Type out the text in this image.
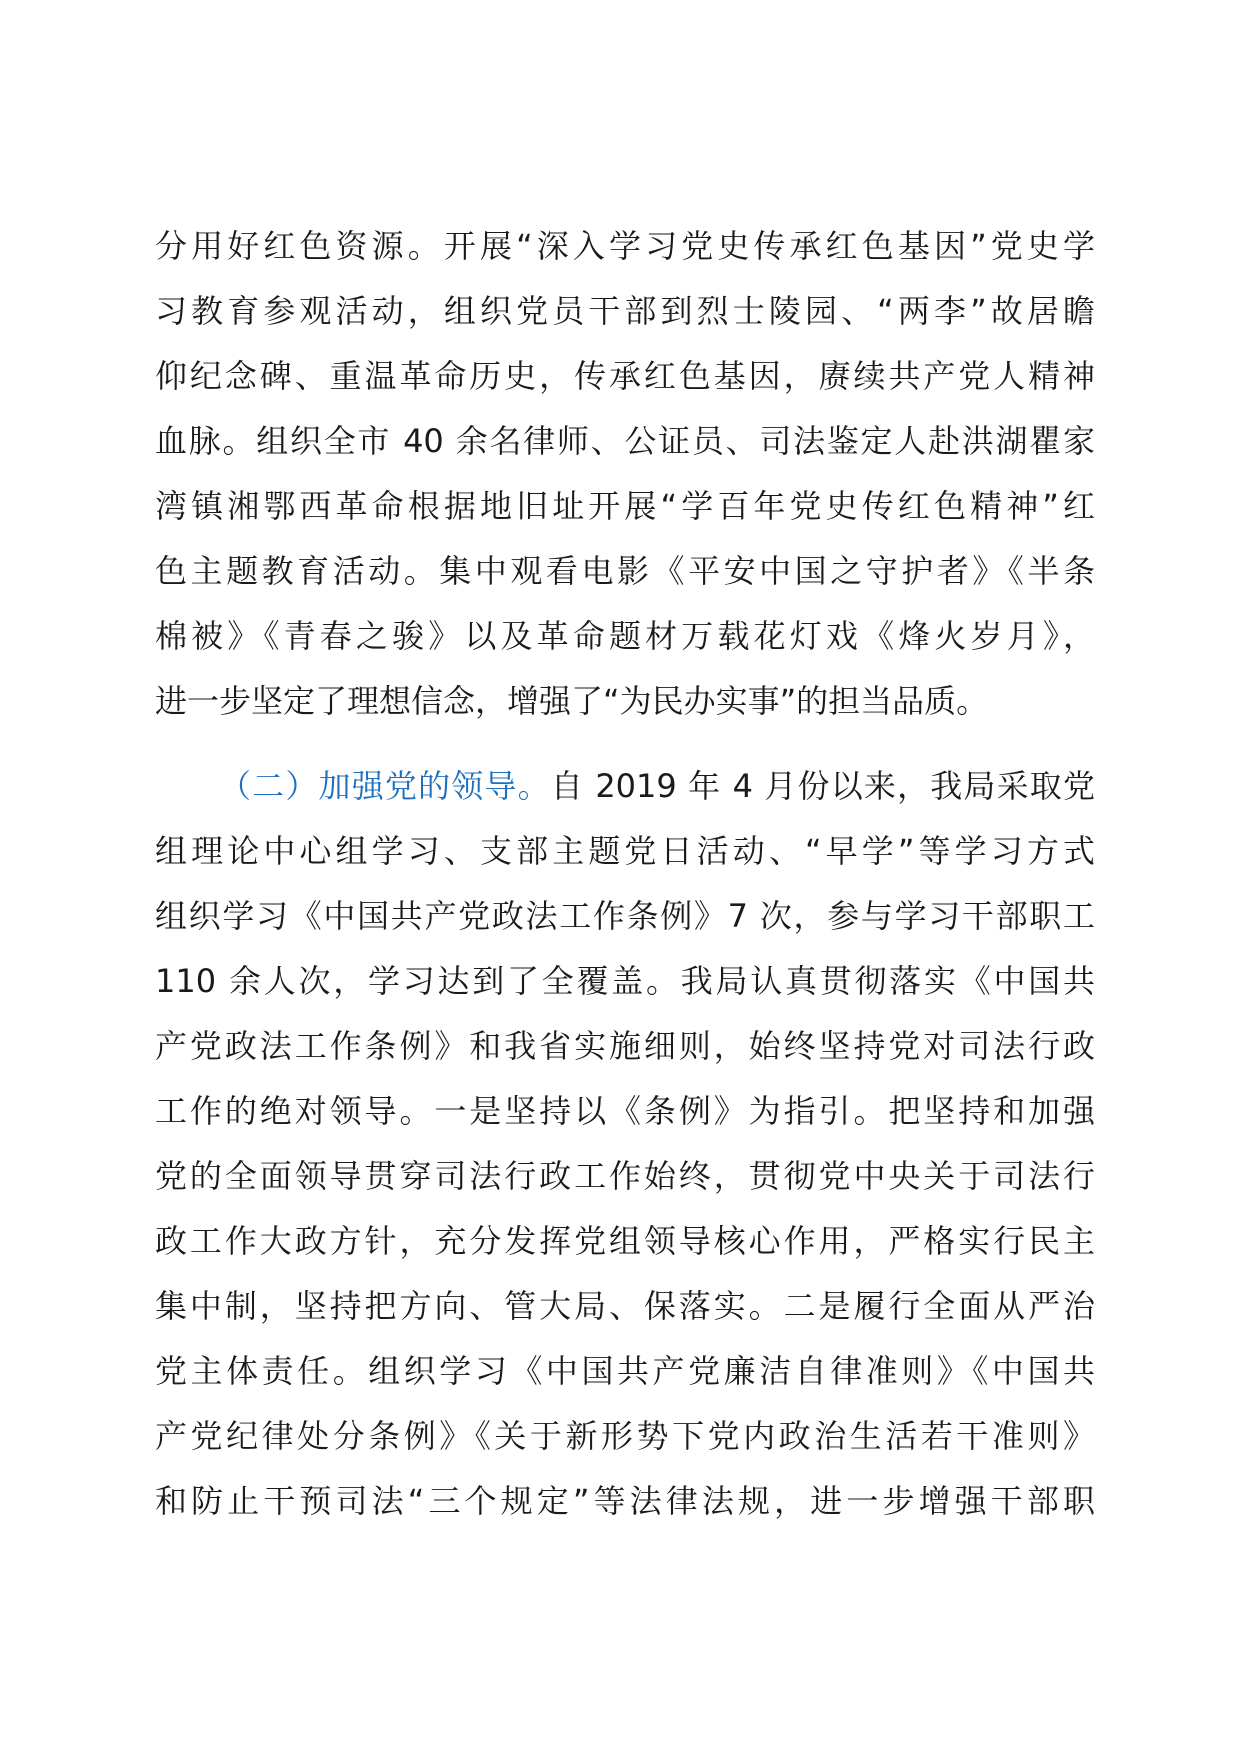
分用好红色资源。开展“深入学习党史传承红色基因”党史学
习教育参观活动，组织党员干部到烈士陵园、“两李”故居瞻
仰纪念碑、重温革命历史，传承红色基因，赓续共产党人精神
血脉。组织全市 40 余名律师、公证员、司法鉴定人赴洪湖瞿家
湾镇湘鄂西革命根据地旧址开展“学百年党史传红色精神”红
色主题教育活动。集中观看电影《平安中国之守护者》《半条
棉被》《青春之骏》以及革命题材万载花灯戏《烽火岁月》，
进一步坚定了理想信念，增强了“为民办实事”的担当品质。
（二）加强党的领导。自 2019 年 4 月份以来，我局采取党
组理论中心组学习、支部主题党日活动、“早学”等学习方式
组织学习《中国共产党政法工作条例》7 次，参与学习干部职工
110 余人次，学习达到了全覆盖。我局认真贯彻落实《中国共
产党政法工作条例》和我省实施细则，始终坚持党对司法行政
工作的绝对领导。一是坚持以《条例》为指引。把坚持和加强
党的全面领导贯穿司法行政工作始终，贯彻党中央关于司法行
政工作大政方针，充分发挥党组领导核心作用，严格实行民主
集中制，坚持把方向、管大局、保落实。二是履行全面从严治
党主体责任。组织学习《中国共产党廉洁自律准则》《中国共
产党纪律处分条例》《关于新形势下党内政治生活若干准则》
和防止干预司法“三个规定”等法律法规，进一步增强干部职
